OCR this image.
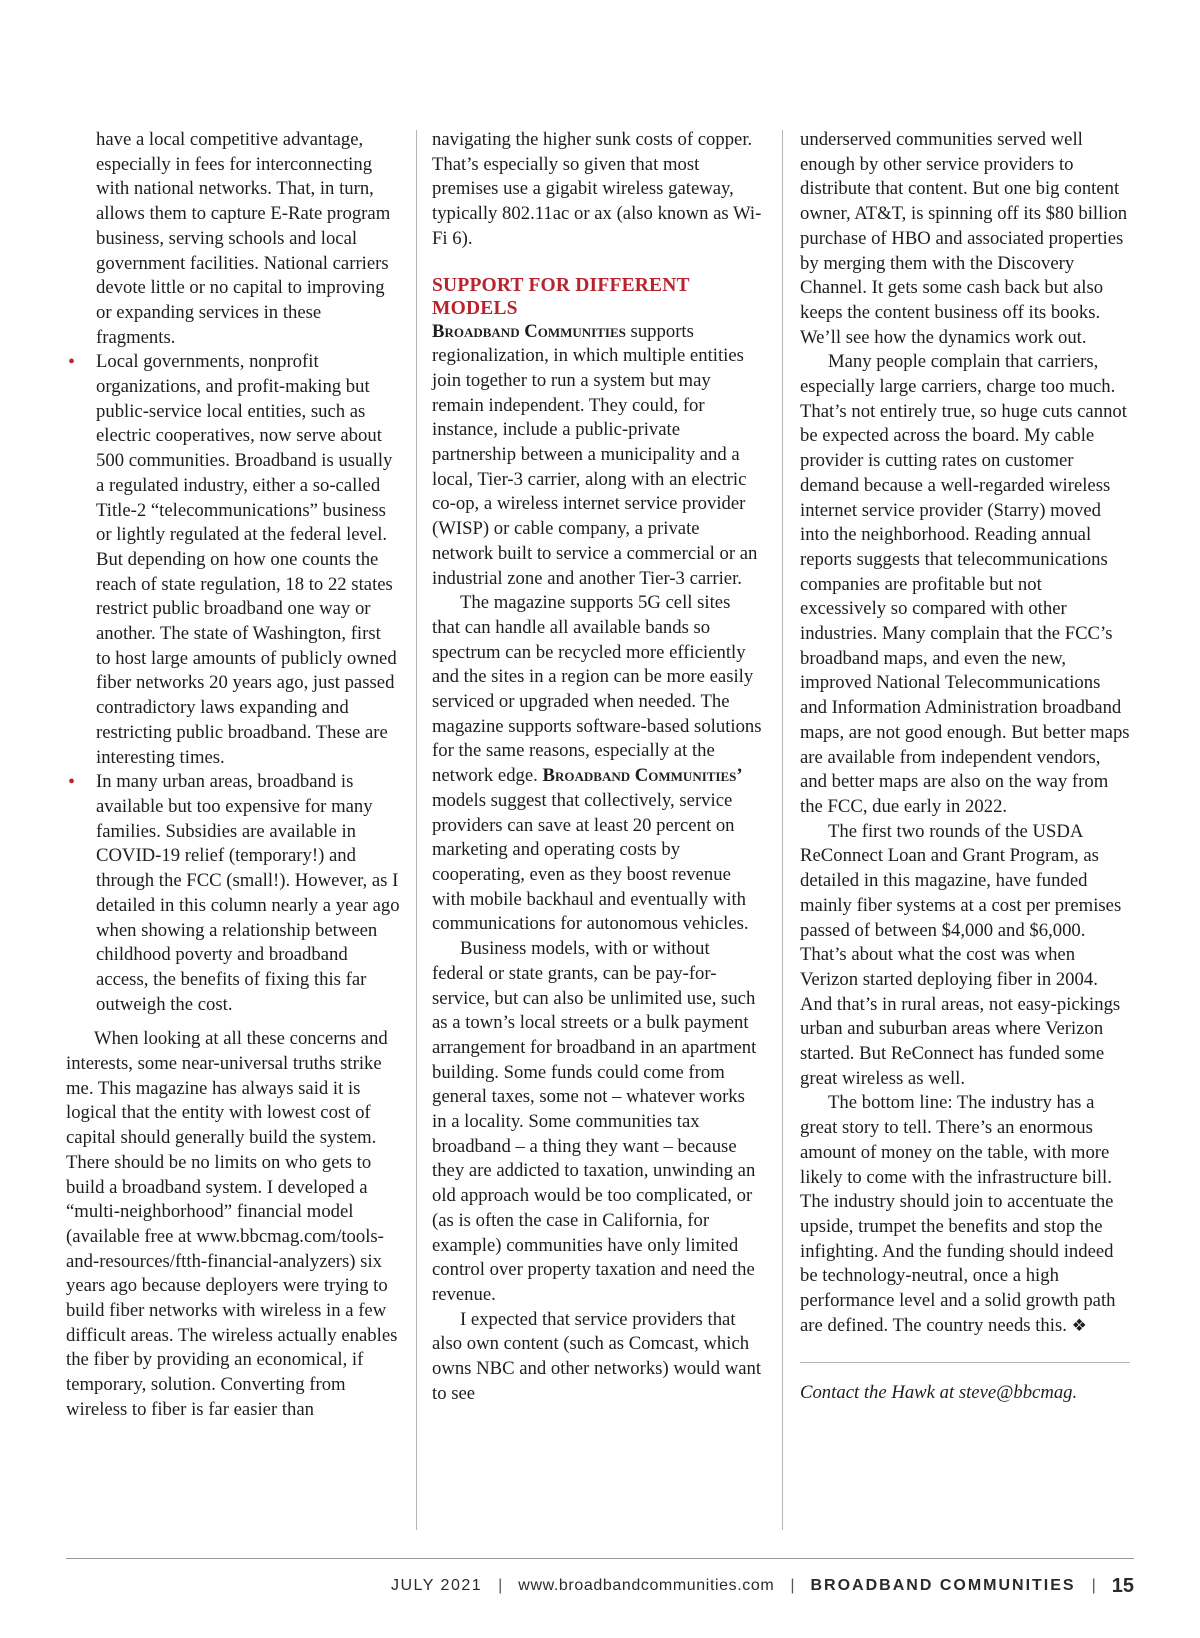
have a local competitive advantage, especially in fees for interconnecting with national networks. That, in turn, allows them to capture E-Rate program business, serving schools and local government facilities. National carriers devote little or no capital to improving or expanding services in these fragments.
• Local governments, nonprofit organizations, and profit-making but public-service local entities, such as electric cooperatives, now serve about 500 communities. Broadband is usually a regulated industry, either a so-called Title-2 “telecommunications” business or lightly regulated at the federal level. But depending on how one counts the reach of state regulation, 18 to 22 states restrict public broadband one way or another. The state of Washington, first to host large amounts of publicly owned fiber networks 20 years ago, just passed contradictory laws expanding and restricting public broadband. These are interesting times.
• In many urban areas, broadband is available but too expensive for many families. Subsidies are available in COVID-19 relief (temporary!) and through the FCC (small!). However, as I detailed in this column nearly a year ago when showing a relationship between childhood poverty and broadband access, the benefits of fixing this far outweigh the cost.

When looking at all these concerns and interests, some near-universal truths strike me. This magazine has always said it is logical that the entity with lowest cost of capital should generally build the system. There should be no limits on who gets to build a broadband system. I developed a “multi-neighborhood” financial model (available free at www.bbcmag.com/tools-and-resources/ftth-financial-analyzers) six years ago because deployers were trying to build fiber networks with wireless in a few difficult areas. The wireless actually enables the fiber by providing an economical, if temporary, solution. Converting from wireless to fiber is far easier than

navigating the higher sunk costs of copper. That’s especially so given that most premises use a gigabit wireless gateway, typically 802.11ac or ax (also known as Wi-Fi 6).

SUPPORT FOR DIFFERENT MODELS

Broadband Communities supports regionalization, in which multiple entities join together to run a system but may remain independent. They could, for instance, include a public-private partnership between a municipality and a local, Tier-3 carrier, along with an electric co-op, a wireless internet service provider (WISP) or cable company, a private network built to service a commercial or an industrial zone and another Tier-3 carrier.

The magazine supports 5G cell sites that can handle all available bands so spectrum can be recycled more efficiently and the sites in a region can be more easily serviced or upgraded when needed. The magazine supports software-based solutions for the same reasons, especially at the network edge. Broadband Communities’ models suggest that collectively, service providers can save at least 20 percent on marketing and operating costs by cooperating, even as they boost revenue with mobile backhaul and eventually with communications for autonomous vehicles.

Business models, with or without federal or state grants, can be pay-for-service, but can also be unlimited use, such as a town’s local streets or a bulk payment arrangement for broadband in an apartment building. Some funds could come from general taxes, some not – whatever works in a locality. Some communities tax broadband – a thing they want – because they are addicted to taxation, unwinding an old approach would be too complicated, or (as is often the case in California, for example) communities have only limited control over property taxation and need the revenue.

I expected that service providers that also own content (such as Comcast, which owns NBC and other networks) would want to see

underserved communities served well enough by other service providers to distribute that content. But one big content owner, AT&T, is spinning off its $80 billion purchase of HBO and associated properties by merging them with the Discovery Channel. It gets some cash back but also keeps the content business off its books. We’ll see how the dynamics work out.

Many people complain that carriers, especially large carriers, charge too much. That’s not entirely true, so huge cuts cannot be expected across the board. My cable provider is cutting rates on customer demand because a well-regarded wireless internet service provider (Starry) moved into the neighborhood. Reading annual reports suggests that telecommunications companies are profitable but not excessively so compared with other industries. Many complain that the FCC’s broadband maps, and even the new, improved National Telecommunications and Information Administration broadband maps, are not good enough. But better maps are available from independent vendors, and better maps are also on the way from the FCC, due early in 2022.

The first two rounds of the USDA ReConnect Loan and Grant Program, as detailed in this magazine, have funded mainly fiber systems at a cost per premises passed of between $4,000 and $6,000. That’s about what the cost was when Verizon started deploying fiber in 2004. And that’s in rural areas, not easy-pickings urban and suburban areas where Verizon started. But ReConnect has funded some great wireless as well.

The bottom line: The industry has a great story to tell. There’s an enormous amount of money on the table, with more likely to come with the infrastructure bill. The industry should join to accentuate the upside, trumpet the benefits and stop the infighting. And the funding should indeed be technology-neutral, once a high performance level and a solid growth path are defined. The country needs this. ❖

Contact the Hawk at steve@bbcmag.

JULY 2021 | www.broadbandcommunities.com | BROADBAND COMMUNITIES | 15
